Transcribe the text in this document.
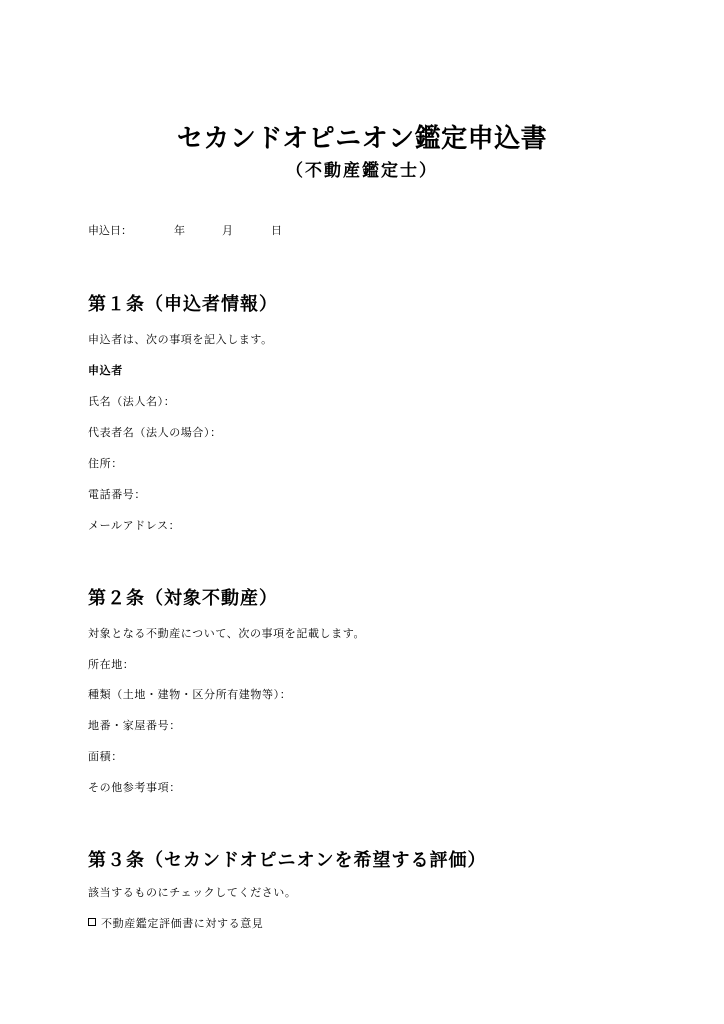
セカンドオピニオン鑑定申込書
（不動産鑑定士）
申込日：	年	月	日
第１条（申込者情報）
申込者は、次の事項を記入します。
申込者
氏名（法人名）：
代表者名（法人の場合）：
住所：
電話番号：
メールアドレス：
第２条（対象不動産）
対象となる不動産について、次の事項を記載します。
所在地：
種類（土地・建物・区分所有建物等）：
地番・家屋番号：
面積：
その他参考事項：
第３条（セカンドオピニオンを希望する評価）
該当するものにチェックしてください。
不動産鑑定評価書に対する意見
